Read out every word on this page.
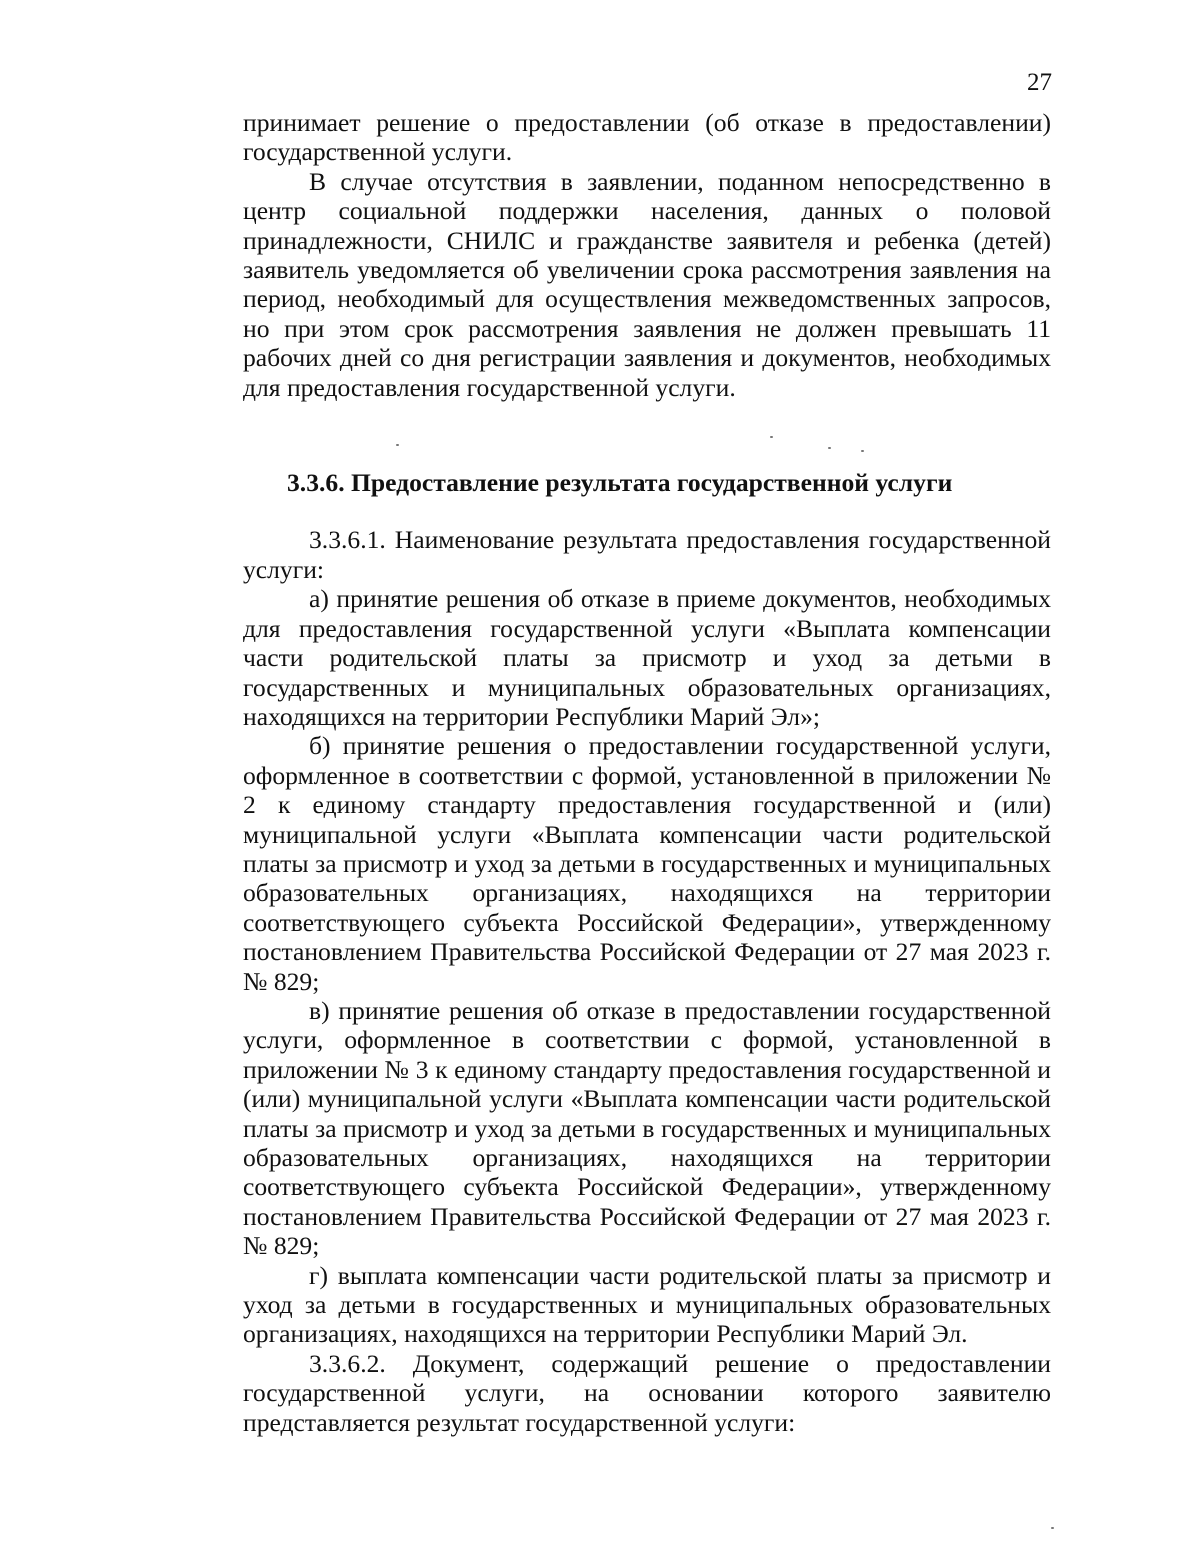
27

принимает решение о предоставлении (об отказе в предоставлении) государственной услуги.

В случае отсутствия в заявлении, поданном непосредственно в центр социальной поддержки населения, данных о половой принадлежности, СНИЛС и гражданстве заявителя и ребенка (детей) заявитель уведомляется об увеличении срока рассмотрения заявления на период, необходимый для осуществления межведомственных запросов, но при этом срок рассмотрения заявления не должен превышать 11 рабочих дней со дня регистрации заявления и документов, необходимых для предоставления государственной услуги.

3.3.6. Предоставление результата государственной услуги

3.3.6.1. Наименование результата предоставления государственной услуги:

а) принятие решения об отказе в приеме документов, необходимых для предоставления государственной услуги «Выплата компенсации части родительской платы за присмотр и уход за детьми в государственных и муниципальных образовательных организациях, находящихся на территории Республики Марий Эл»;

б) принятие решения о предоставлении государственной услуги, оформленное в соответствии с формой, установленной в приложении № 2 к единому стандарту предоставления государственной и (или) муниципальной услуги «Выплата компенсации части родительской платы за присмотр и уход за детьми в государственных и муниципальных образовательных организациях, находящихся на территории соответствующего субъекта Российской Федерации», утвержденному постановлением Правительства Российской Федерации от 27 мая 2023 г. № 829;

в) принятие решения об отказе в предоставлении государственной услуги, оформленное в соответствии с формой, установленной в приложении № 3 к единому стандарту предоставления государственной и (или) муниципальной услуги «Выплата компенсации части родительской платы за присмотр и уход за детьми в государственных и муниципальных образовательных организациях, находящихся на территории соответствующего субъекта Российской Федерации», утвержденному постановлением Правительства Российской Федерации от 27 мая 2023 г. № 829;

г) выплата компенсации части родительской платы за присмотр и уход за детьми в государственных и муниципальных образовательных организациях, находящихся на территории Республики Марий Эл.

3.3.6.2. Документ, содержащий решение о предоставлении государственной услуги, на основании которого заявителю представляется результат государственной услуги:
